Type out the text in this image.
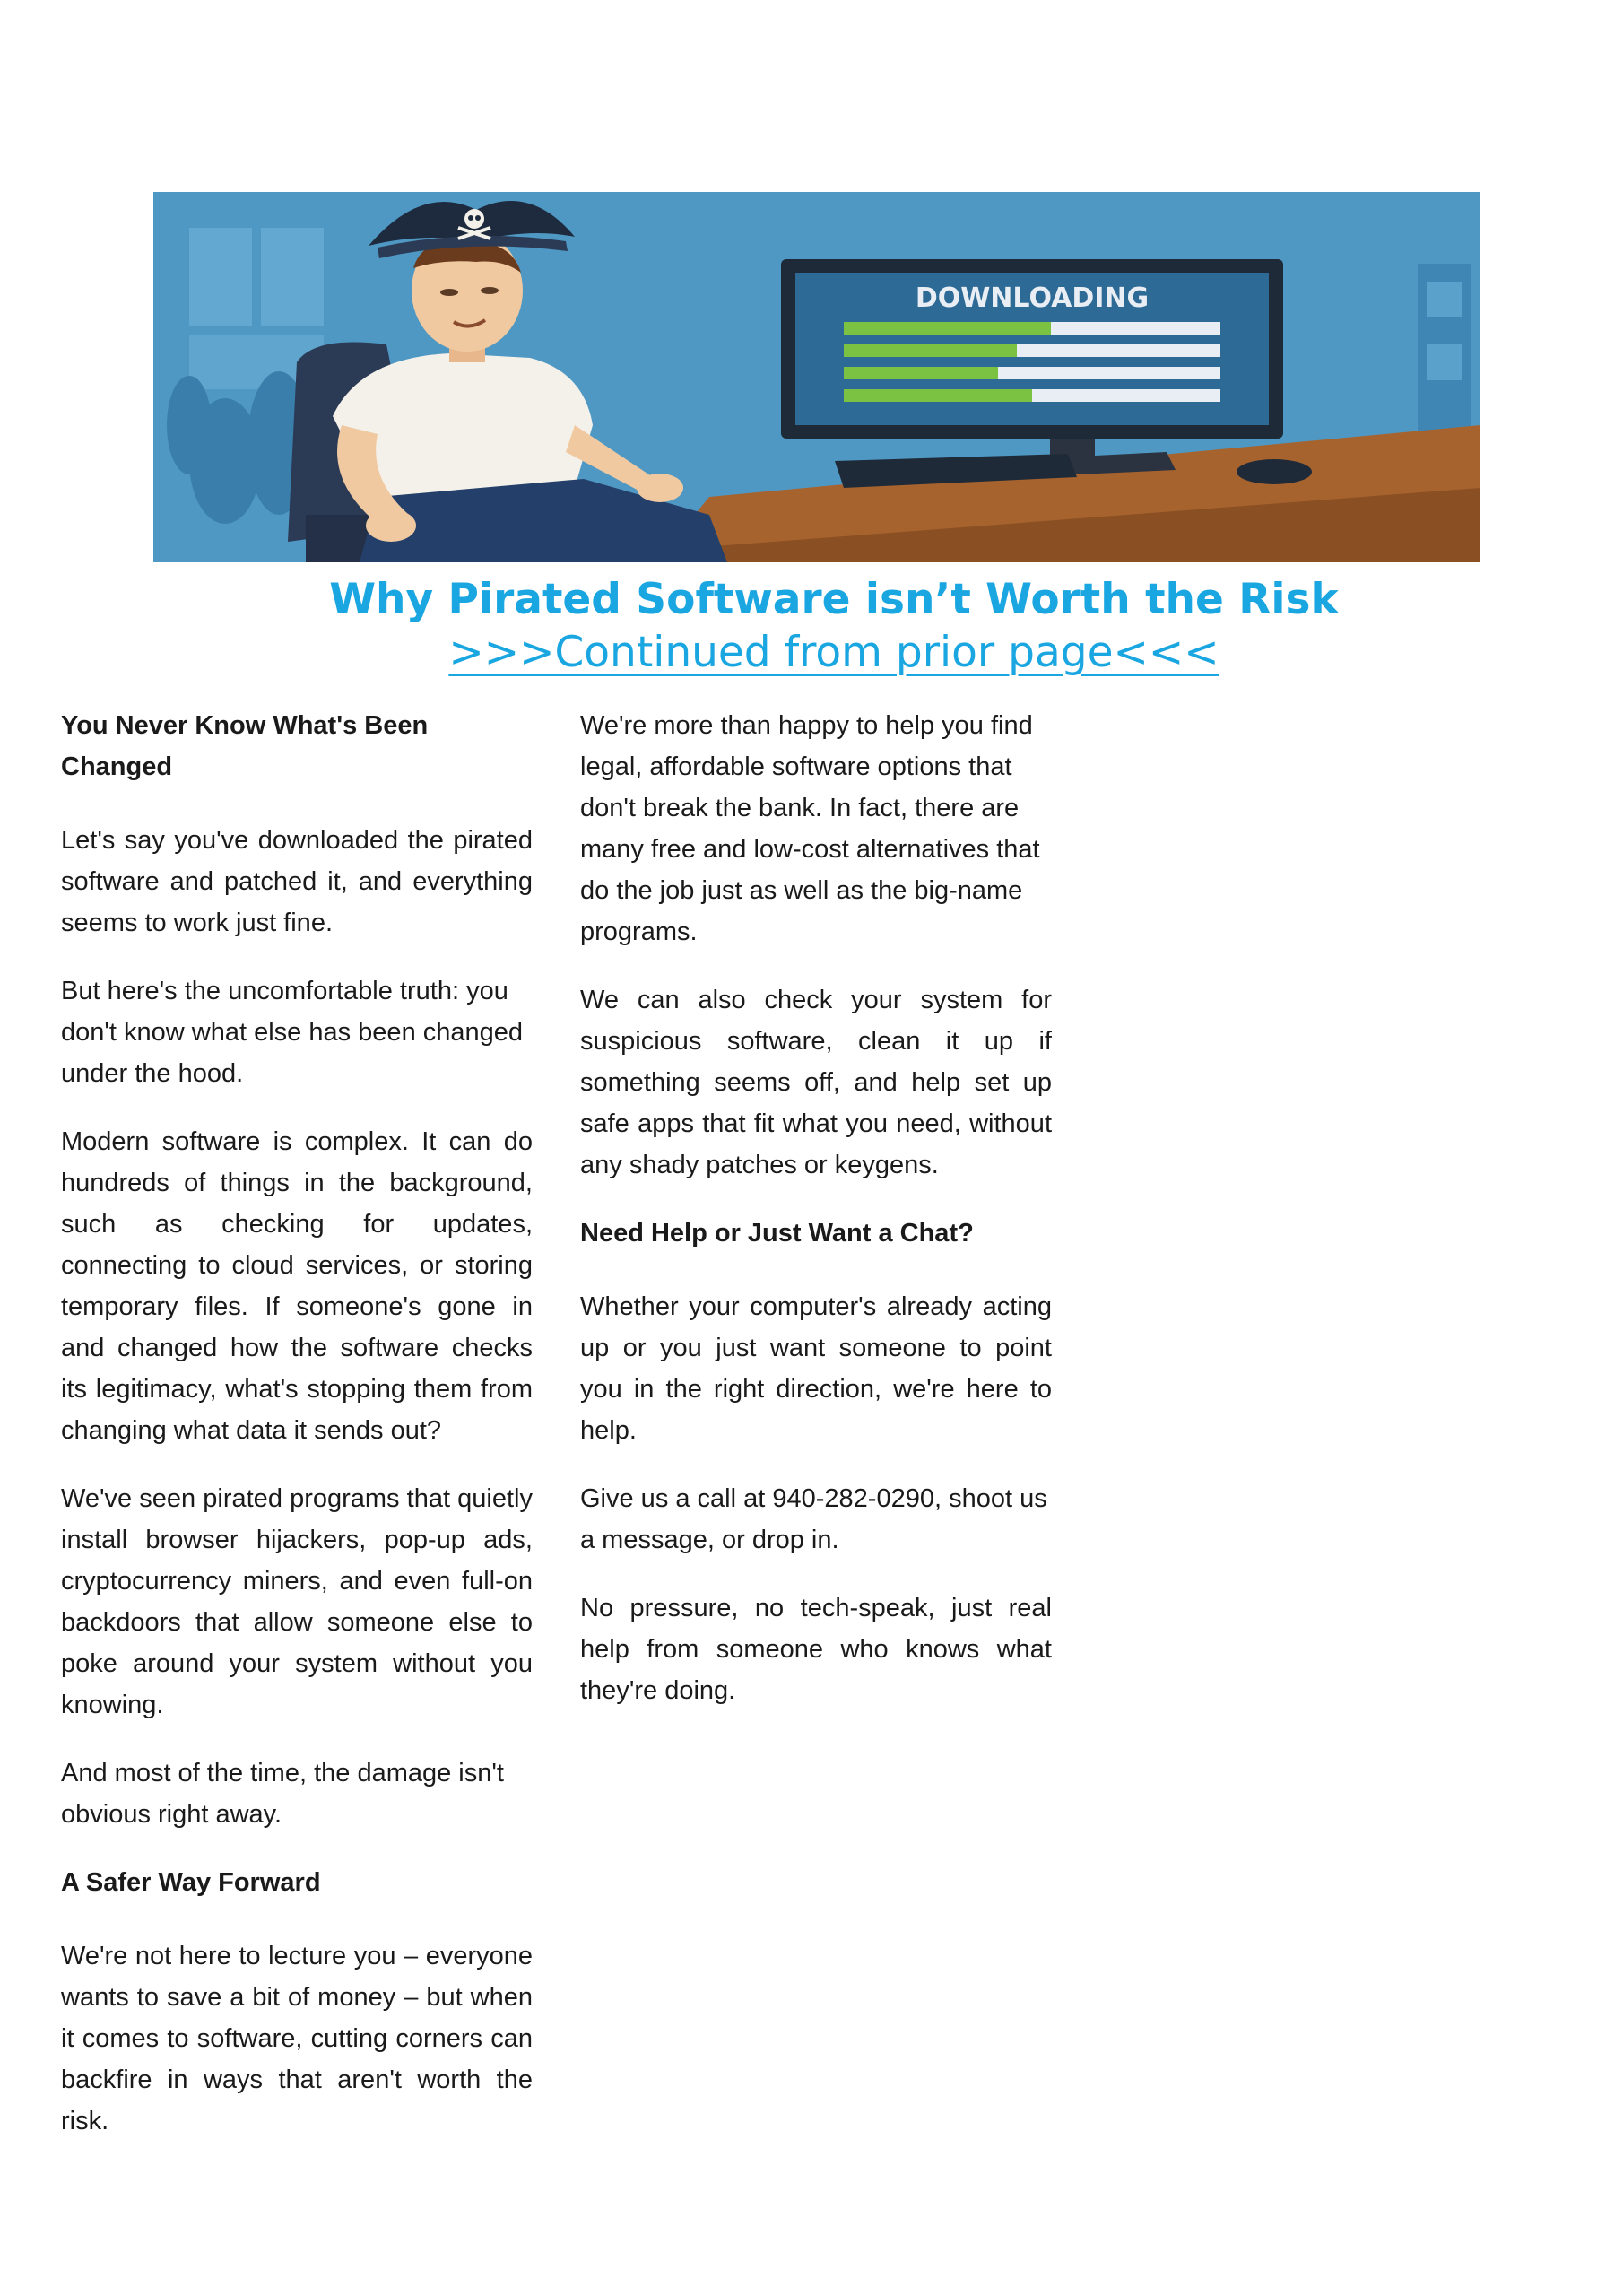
DOWNLOADING
Why Pirated Software isn’t Worth the Risk
>>>Continued from prior page<<<
You Never Know What's Been Changed

Let's say you've downloaded the pirated software and patched it, and everything seems to work just fine.

But here's the uncomfortable truth: you don't know what else has been changed under the hood.

Modern software is complex. It can do hundreds of things in the background, such as checking for updates, connecting to cloud services, or storing temporary files. If someone's gone in and changed how the software checks its legitimacy, what's stopping them from changing what data it sends out?

We've seen pirated programs that quietly install browser hijackers, pop-up ads, cryptocurrency miners, and even full-on backdoors that allow someone else to poke around your system without you knowing.

And most of the time, the damage isn't obvious right away.

A Safer Way Forward

We're not here to lecture you – everyone wants to save a bit of money – but when it comes to software, cutting corners can backfire in ways that aren't worth the risk.

We're more than happy to help you find legal, affordable software options that don't break the bank. In fact, there are many free and low-cost alternatives that do the job just as well as the big-name programs.

We can also check your system for suspicious software, clean it up if something seems off, and help set up safe apps that fit what you need, without any shady patches or keygens.

Need Help or Just Want a Chat?

Whether your computer's already acting up or you just want someone to point you in the right direction, we're here to help.

Give us a call at 940-282-0290, shoot us a message, or drop in.

No pressure, no tech-speak, just real help from someone who knows what they're doing.
